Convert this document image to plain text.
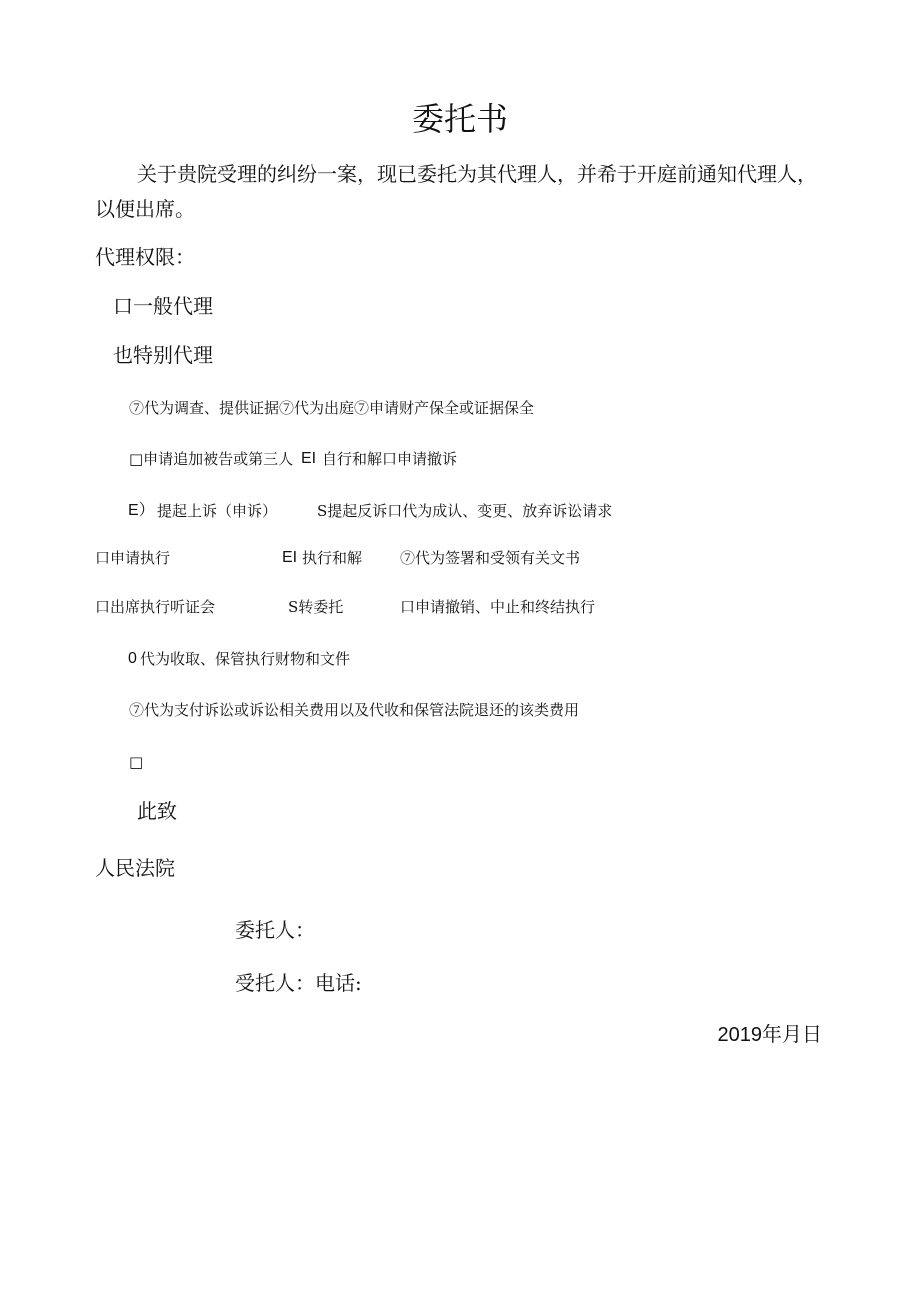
委托书
关于贵院受理的纠纷一案，现已委托为其代理人，并希于开庭前通知代理人，
以便出席。
代理权限：
口一般代理
也特别代理
⑦代为调查、提供证据⑦代为出庭⑦申请财产保全或证据保全
□申请追加被告或第三人 EI 自行和解口申请撤诉
E） 提起上诉（申诉）	S提起反诉口代为成认、变更、放弃诉讼请求
口申请执行	EI 执行和解	⑦代为签署和受领有关文书
口出席执行听证会	S转委托	口申请撤销、中止和终结执行
0 代为收取、保管执行财物和文件
⑦代为支付诉讼或诉讼相关费用以及代收和保管法院退还的该类费用
□
此致
人民法院
委托人：
受托人：电话:
2019年月日
